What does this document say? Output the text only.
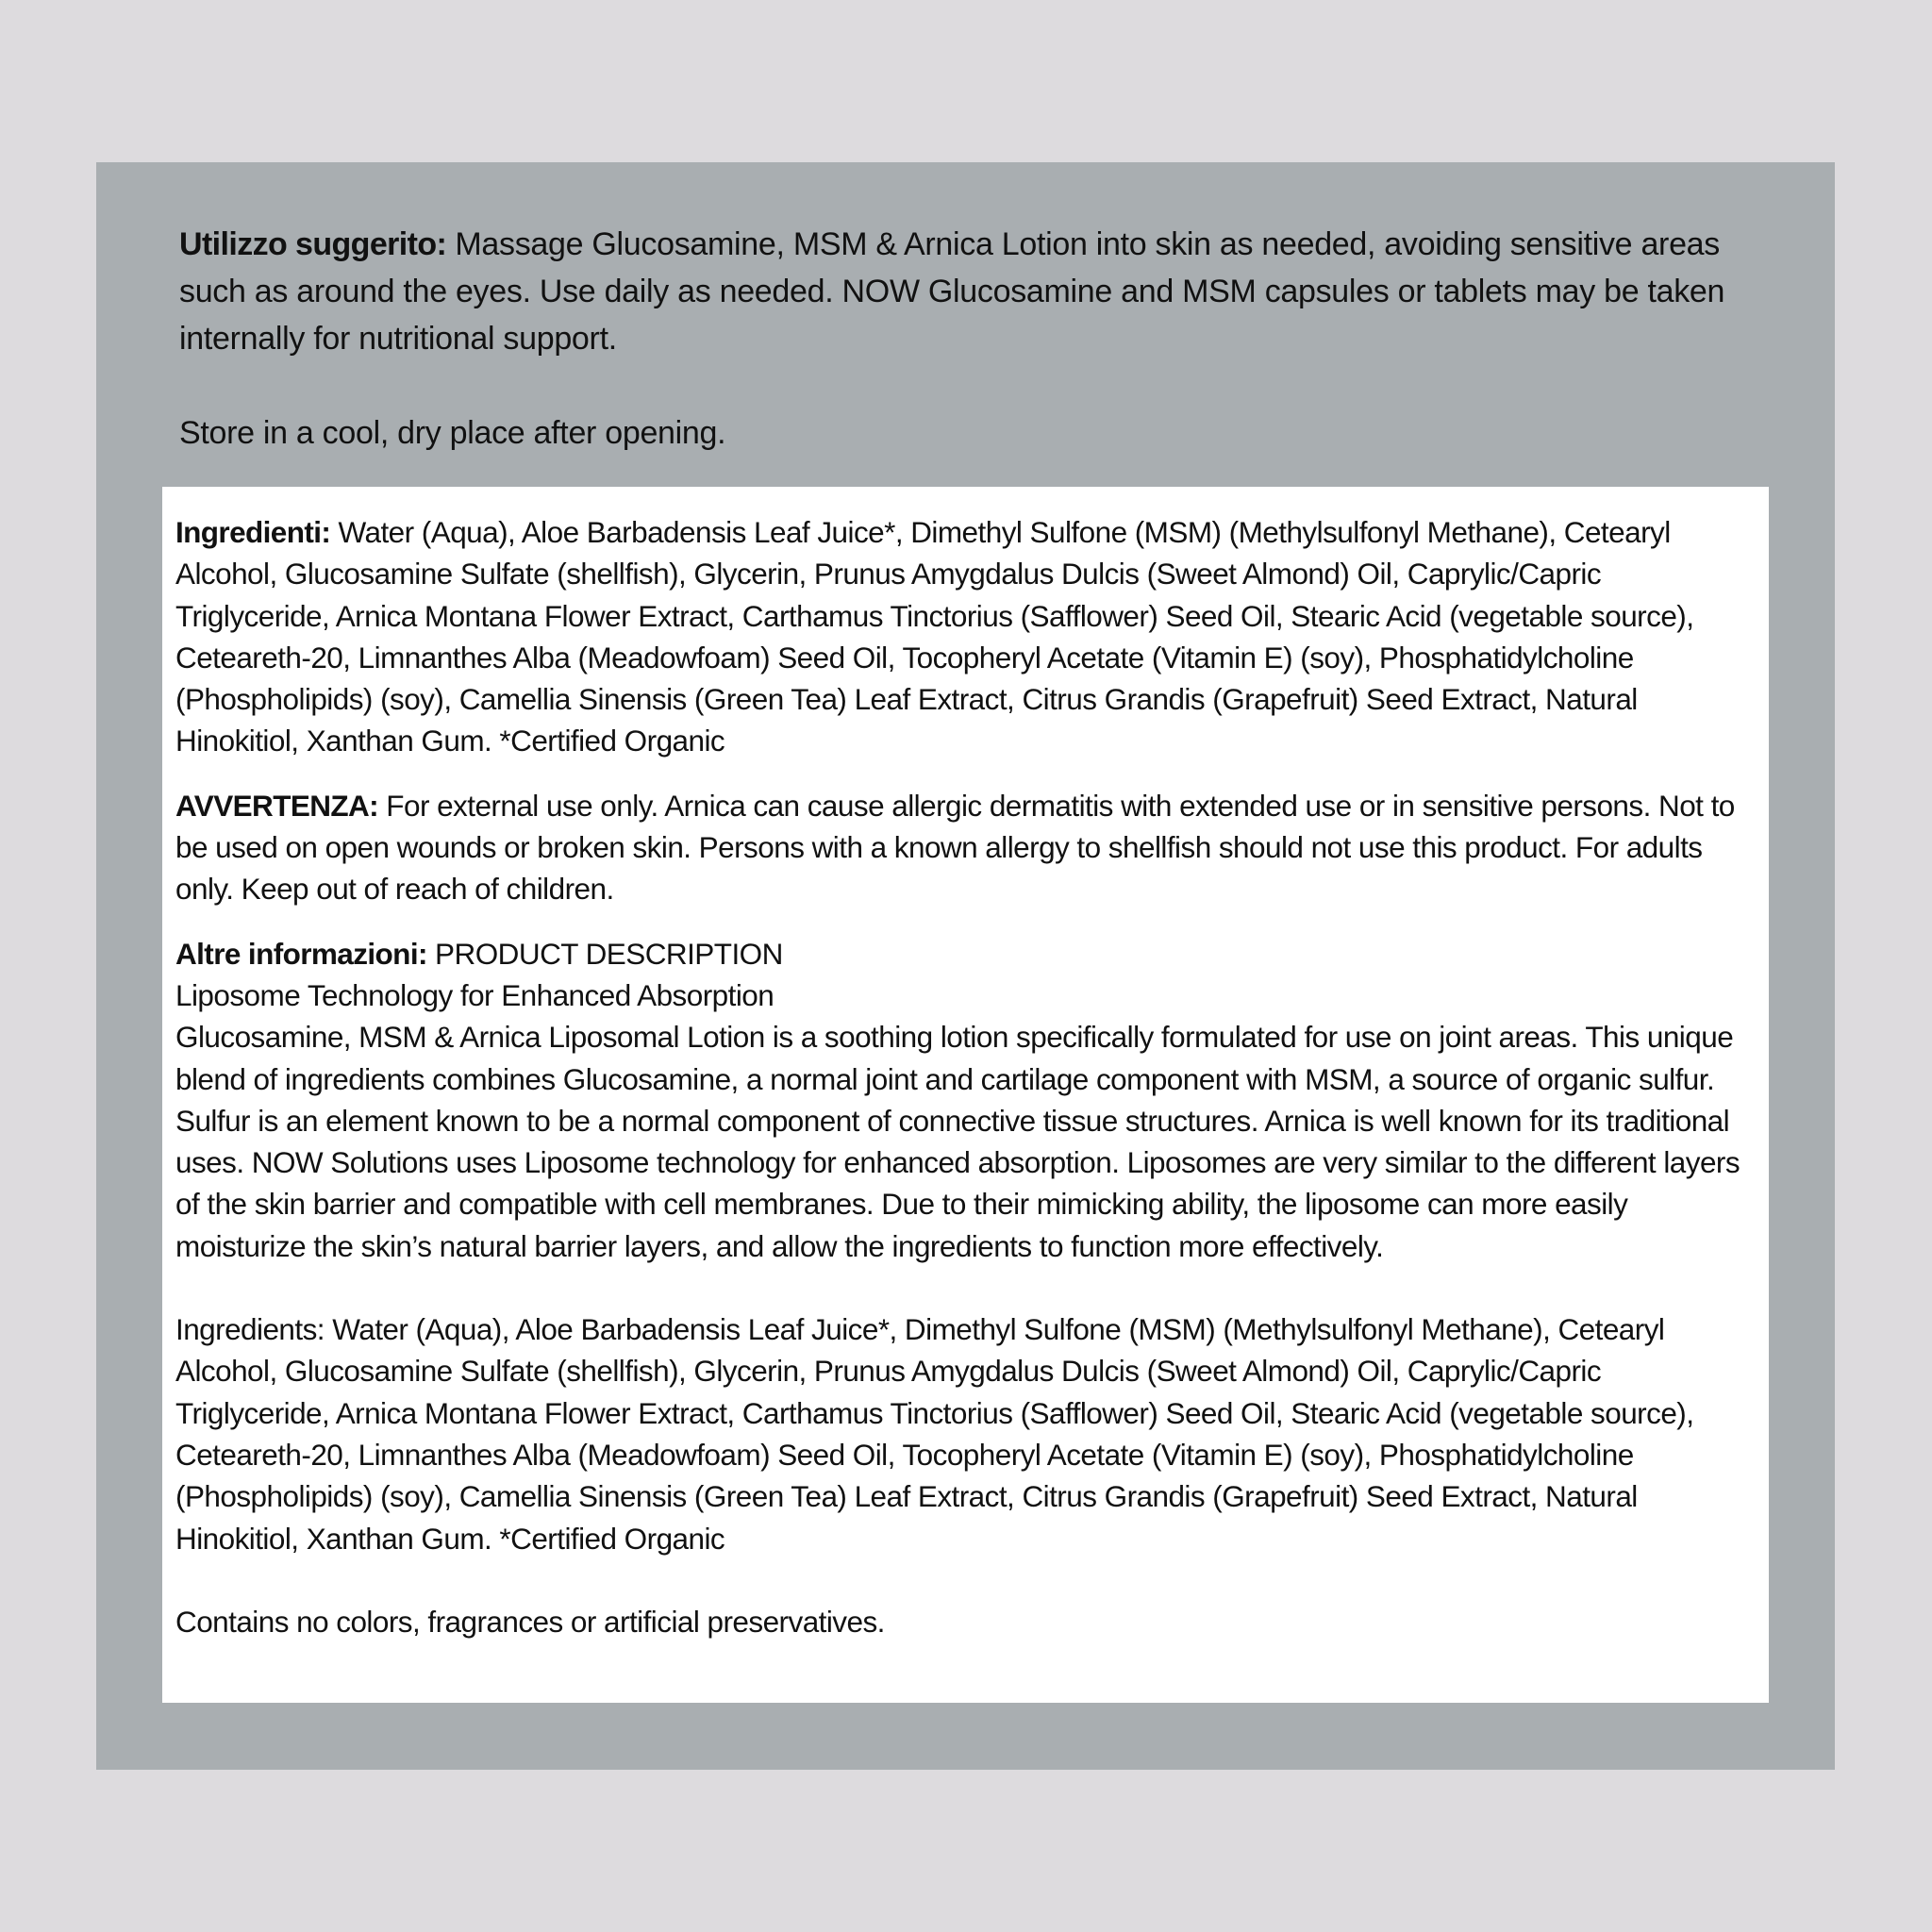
Utilizzo suggerito: Massage Glucosamine, MSM & Arnica Lotion into skin as needed, avoiding sensitive areas such as around the eyes. Use daily as needed. NOW Glucosamine and MSM capsules or tablets may be taken internally for nutritional support.

Store in a cool, dry place after opening.

Ingredienti: Water (Aqua), Aloe Barbadensis Leaf Juice*, Dimethyl Sulfone (MSM) (Methylsulfonyl Methane), Cetearyl Alcohol, Glucosamine Sulfate (shellfish), Glycerin, Prunus Amygdalus Dulcis (Sweet Almond) Oil, Caprylic/Capric Triglyceride, Arnica Montana Flower Extract, Carthamus Tinctorius (Safflower) Seed Oil, Stearic Acid (vegetable source), Ceteareth-20, Limnanthes Alba (Meadowfoam) Seed Oil, Tocopheryl Acetate (Vitamin E) (soy), Phosphatidylcholine (Phospholipids) (soy), Camellia Sinensis (Green Tea) Leaf Extract, Citrus Grandis (Grapefruit) Seed Extract, Natural Hinokitiol, Xanthan Gum. *Certified Organic

AVVERTENZA: For external use only. Arnica can cause allergic dermatitis with extended use or in sensitive persons. Not to be used on open wounds or broken skin. Persons with a known allergy to shellfish should not use this product. For adults only. Keep out of reach of children.

Altre informazioni: PRODUCT DESCRIPTION

Liposome Technology for Enhanced Absorption

Glucosamine, MSM & Arnica Liposomal Lotion is a soothing lotion specifically formulated for use on joint areas. This unique blend of ingredients combines Glucosamine, a normal joint and cartilage component with MSM, a source of organic sulfur. Sulfur is an element known to be a normal component of connective tissue structures. Arnica is well known for its traditional uses. NOW Solutions uses Liposome technology for enhanced absorption. Liposomes are very similar to the different layers of the skin barrier and compatible with cell membranes. Due to their mimicking ability, the liposome can more easily moisturize the skin’s natural barrier layers, and allow the ingredients to function more effectively.

Ingredients: Water (Aqua), Aloe Barbadensis Leaf Juice*, Dimethyl Sulfone (MSM) (Methylsulfonyl Methane), Cetearyl Alcohol, Glucosamine Sulfate (shellfish), Glycerin, Prunus Amygdalus Dulcis (Sweet Almond) Oil, Caprylic/Capric Triglyceride, Arnica Montana Flower Extract, Carthamus Tinctorius (Safflower) Seed Oil, Stearic Acid (vegetable source), Ceteareth-20, Limnanthes Alba (Meadowfoam) Seed Oil, Tocopheryl Acetate (Vitamin E) (soy), Phosphatidylcholine (Phospholipids) (soy), Camellia Sinensis (Green Tea) Leaf Extract, Citrus Grandis (Grapefruit) Seed Extract, Natural Hinokitiol, Xanthan Gum. *Certified Organic

Contains no colors, fragrances or artificial preservatives.
